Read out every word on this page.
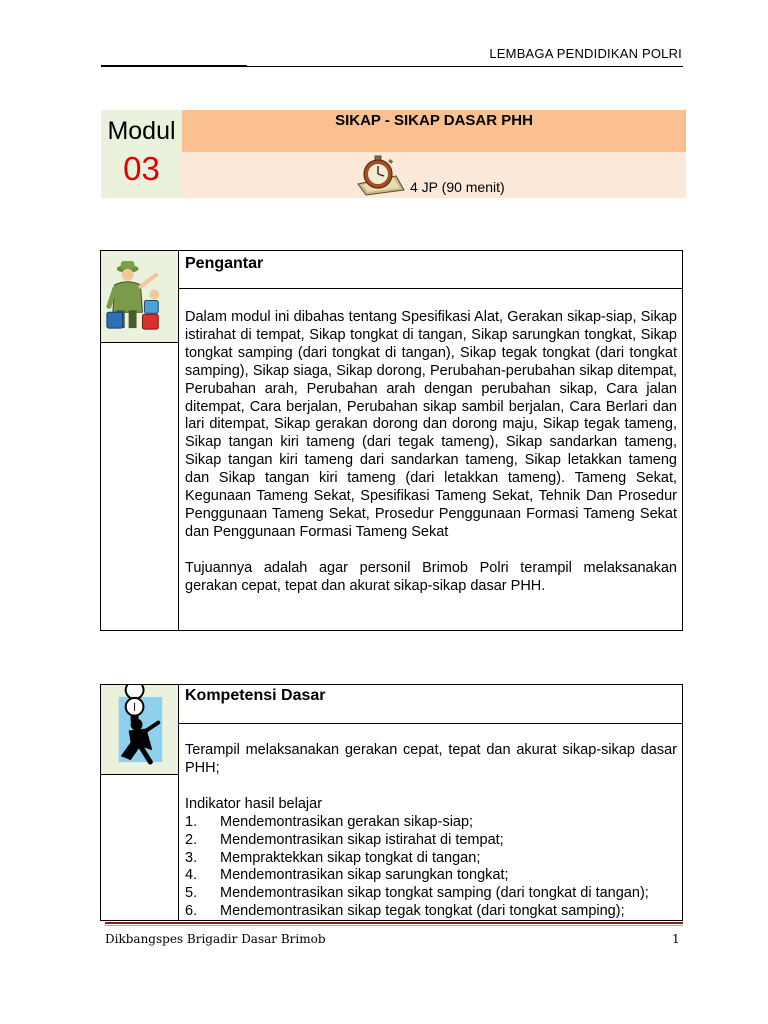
LEMBAGA PENDIDIKAN POLRI
Modul
03
SIKAP - SIKAP DASAR PHH
4 JP (90 menit)
Pengantar

Dalam modul ini dibahas tentang Spesifikasi Alat, Gerakan sikap-siap, Sikap istirahat di tempat, Sikap tongkat di tangan, Sikap sarungkan tongkat, Sikap tongkat samping (dari tongkat di tangan), Sikap tegak tongkat (dari tongkat samping), Sikap siaga, Sikap dorong, Perubahan-perubahan sikap ditempat, Perubahan arah, Perubahan arah dengan perubahan sikap, Cara jalan ditempat, Cara berjalan, Perubahan sikap sambil berjalan, Cara Berlari dan lari ditempat, Sikap gerakan dorong dan dorong maju, Sikap tegak tameng, Sikap tangan kiri tameng (dari tegak tameng), Sikap sandarkan tameng, Sikap tangan kiri tameng dari sandarkan tameng, Sikap letakkan tameng dan Sikap tangan kiri tameng (dari letakkan tameng). Tameng Sekat, Kegunaan Tameng Sekat, Spesifikasi Tameng Sekat, Tehnik Dan Prosedur Penggunaan Tameng Sekat, Prosedur Penggunaan Formasi Tameng Sekat dan Penggunaan Formasi Tameng Sekat

Tujuannya adalah agar personil Brimob Polri terampil melaksanakan gerakan cepat, tepat dan akurat sikap-sikap dasar PHH.

Kompetensi Dasar

Terampil melaksanakan gerakan cepat, tepat dan akurat sikap-sikap dasar PHH;

Indikator hasil belajar

1.	Mendemontrasikan gerakan sikap-siap;
2.	Mendemontrasikan sikap istirahat di tempat;
3.	Mempraktekkan sikap tongkat di tangan;
4.	Mendemontrasikan sikap sarungkan tongkat;
5.	Mendemontrasikan sikap tongkat samping (dari tongkat di tangan);
6.	Mendemontrasikan sikap tegak tongkat (dari tongkat samping);
Dikbangspes Brigadir Dasar Brimob	1
